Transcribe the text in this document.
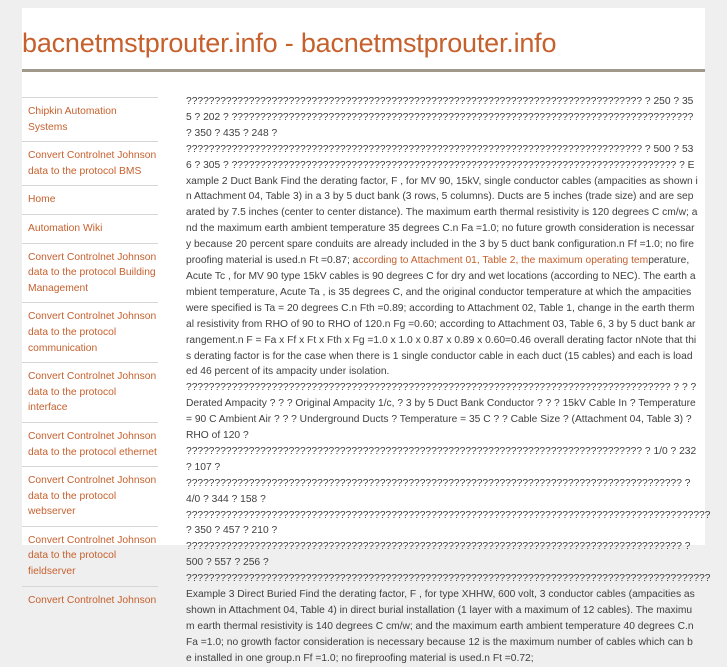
bacnetmstprouter.info - bacnetmstprouter.info
Chipkin Automation Systems
Convert Controlnet Johnson data to the protocol BMS
Home
Automation Wiki
Convert Controlnet Johnson data to the protocol Building Management
Convert Controlnet Johnson data to the protocol communication
Convert Controlnet Johnson data to the protocol interface
Convert Controlnet Johnson data to the protocol ethernet
Convert Controlnet Johnson data to the protocol webserver
Convert Controlnet Johnson data to the protocol fieldserver
Convert Controlnet Johnson
???????????????????????????????????????????????????????????????????????????????? ? 250 ? 355 ? 202 ? ????????????????????????????????????????????????????????????????????????????????? ? 350 ? 435 ? 248 ? ???????????????????????????????????????????????????????????????????????????????? ? 500 ? 536 ? 305 ? ?????????????????????????????????????????????????????????????????????????????? ? Example 2 Duct Bank Find the derating factor, F , for MV 90, 15kV, single conductor cables (ampacities as shown in Attachment 04, Table 3) in a 3 by 5 duct bank (3 rows, 5 columns). Ducts are 5 inches (trade size) and are separated by 7.5 inches (center to center distance). The maximum earth thermal resistivity is 120 degrees C cm/w; and the maximum earth ambient temperature 35 degrees C.n Fa =1.0; no future growth consideration is necessary because 20 percent spare conduits are already included in the 3 by 5 duct bank configuration.n Ff =1.0; no fireproofing material is used.n Ft =0.87; according to Attachment 01, Table 2, the maximum operating temperature, Acute Tc , for MV 90 type 15kV cables is 90 degrees C for dry and wet locations (according to NEC). The earth ambient temperature, Acute Ta , is 35 degrees C, and the original conductor temperature at which the ampacities were specified is Ta = 20 degrees C.n Fth =0.89; according to Attachment 02, Table 1, change in the earth thermal resistivity from RHO of 90 to RHO of 120.n Fg =0.60; according to Attachment 03, Table 6, 3 by 5 duct bank arrangement.n F = Fa x Ff x Ft x Fth x Fg =1.0 x 1.0 x 0.87 x 0.89 x 0.60=0.46 overall derating factor nNote that this derating factor is for the case when there is 1 single conductor cable in each duct (15 cables) and each is loaded 46 percent of its ampacity under isolation. ????????????????????????????????????????????????????????????????????????????????????? ? ? ? Derated Ampacity ? ? ? Original Ampacity 1/c, ? 3 by 5 Duct Bank Conductor ? ? ? 15kV Cable In ? Temperature = 90 C Ambient Air ? ? ? Underground Ducts ? Temperature = 35 C ? ? Cable Size ? (Attachment 04, Table 3) ? RHO of 120 ? ???????????????????????????????????????????????????????????????????????????????? ? 1/0 ? 232 ? 107 ? ??????????????????????????????????????????????????????????????????????????????????????? ? 4/0 ? 344 ? 158 ? ???????????????????????????????????????????????????????????????????????????????????????????? ? 350 ? 457 ? 210 ? ??????????????????????????????????????????????????????????????????????????????????????? ? 500 ? 557 ? 256 ? ???????????????????????????????????????????????????????????????????????????????????????????? Example 3 Direct Buried Find the derating factor, F , for type XHHW, 600 volt, 3 conductor cables (ampacities as shown in Attachment 04, Table 4) in direct burial installation (1 layer with a maximum of 12 cables). The maximum earth thermal resistivity is 140 degrees C cm/w; and the maximum earth ambient temperature 40 degrees C.n Fa =1.0; no growth factor consideration is necessary because 12 is the maximum number of cables which can be installed in one group.n Ff =1.0; no fireproofing material is used.n Ft =0.72;
